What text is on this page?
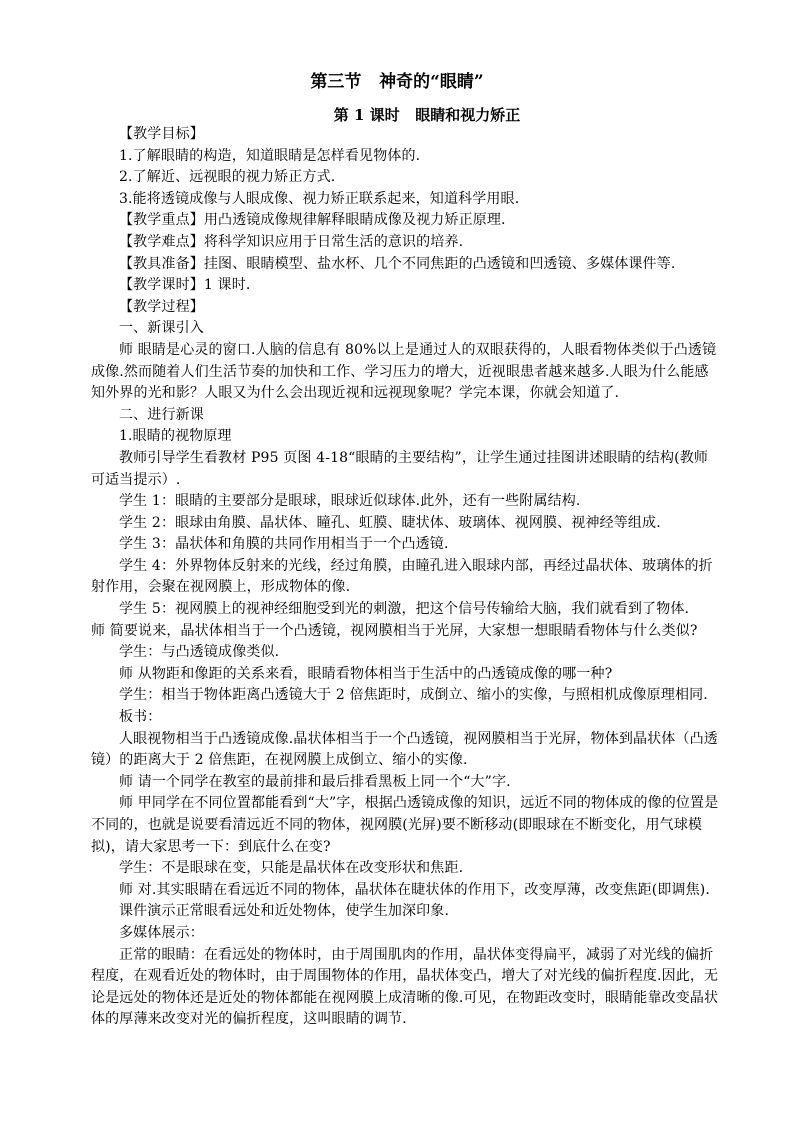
第三节   神奇的“眼睛”
第 1 课时   眼睛和视力矫正

【教学目标】

1.了解眼睛的构造，知道眼睛是怎样看见物体的.

2.了解近、远视眼的视力矫正方式.

3.能将透镜成像与人眼成像、视力矫正联系起来，知道科学用眼.

【教学重点】用凸透镜成像规律解释眼睛成像及视力矫正原理.

【教学难点】将科学知识应用于日常生活的意识的培养.

【教具准备】挂图、眼睛模型、盐水杯、几个不同焦距的凸透镜和凹透镜、多媒体课件等.

【教学课时】1 课时.

【教学过程】

一、新课引入

师 眼睛是心灵的窗口.人脑的信息有 80%以上是通过人的双眼获得的，人眼看物体类似于凸透镜成像.然而随着人们生活节奏的加快和工作、学习压力的增大，近视眼患者越来越多.人眼为什么能感知外界的光和影？人眼又为什么会出现近视和远视现象呢？学完本课，你就会知道了.

二、进行新课

1.眼睛的视物原理

教师引导学生看教材 P95 页图 4-18“眼睛的主要结构”，让学生通过挂图讲述眼睛的结构(教师可适当提示）.

学生 1：眼睛的主要部分是眼球，眼球近似球体.此外，还有一些附属结构.

学生 2：眼球由角膜、晶状体、瞳孔、虹膜、睫状体、玻璃体、视网膜、视神经等组成.

学生 3：晶状体和角膜的共同作用相当于一个凸透镜.

学生 4：外界物体反射来的光线，经过角膜，由瞳孔进入眼球内部，再经过晶状体、玻璃体的折射作用，会聚在视网膜上，形成物体的像.

学生 5：视网膜上的视神经细胞受到光的刺激，把这个信号传输给大脑，我们就看到了物体.

师 简要说来，晶状体相当于一个凸透镜，视网膜相当于光屏，大家想一想眼睛看物体与什么类似?

学生：与凸透镜成像类似.

师 从物距和像距的关系来看，眼睛看物体相当于生活中的凸透镜成像的哪一种?

学生：相当于物体距离凸透镜大于 2 倍焦距时，成倒立、缩小的实像，与照相机成像原理相同.

板书：

人眼视物相当于凸透镜成像.晶状体相当于一个凸透镜，视网膜相当于光屏，物体到晶状体（凸透镜）的距离大于 2 倍焦距，在视网膜上成倒立、缩小的实像.

师 请一个同学在教室的最前排和最后排看黑板上同一个“大”字.

师 甲同学在不同位置都能看到“大”字，根据凸透镜成像的知识，远近不同的物体成的像的位置是不同的，也就是说要看清远近不同的物体，视网膜(光屏)要不断移动(即眼球在不断变化，用气球模拟)，请大家思考一下：到底什么在变?

学生：不是眼球在变，只能是晶状体在改变形状和焦距.

师 对.其实眼睛在看远近不同的物体，晶状体在睫状体的作用下，改变厚薄，改变焦距(即调焦).

课件演示正常眼看远处和近处物体，使学生加深印象.

多媒体展示：

正常的眼睛：在看远处的物体时，由于周围肌肉的作用，晶状体变得扁平，减弱了对光线的偏折程度，在观看近处的物体时，由于周围物体的作用，晶状体变凸，增大了对光线的偏折程度.因此，无论是远处的物体还是近处的物体都能在视网膜上成清晰的像.可见，在物距改变时，眼睛能靠改变晶状体的厚薄来改变对光的偏折程度，这叫眼睛的调节.
